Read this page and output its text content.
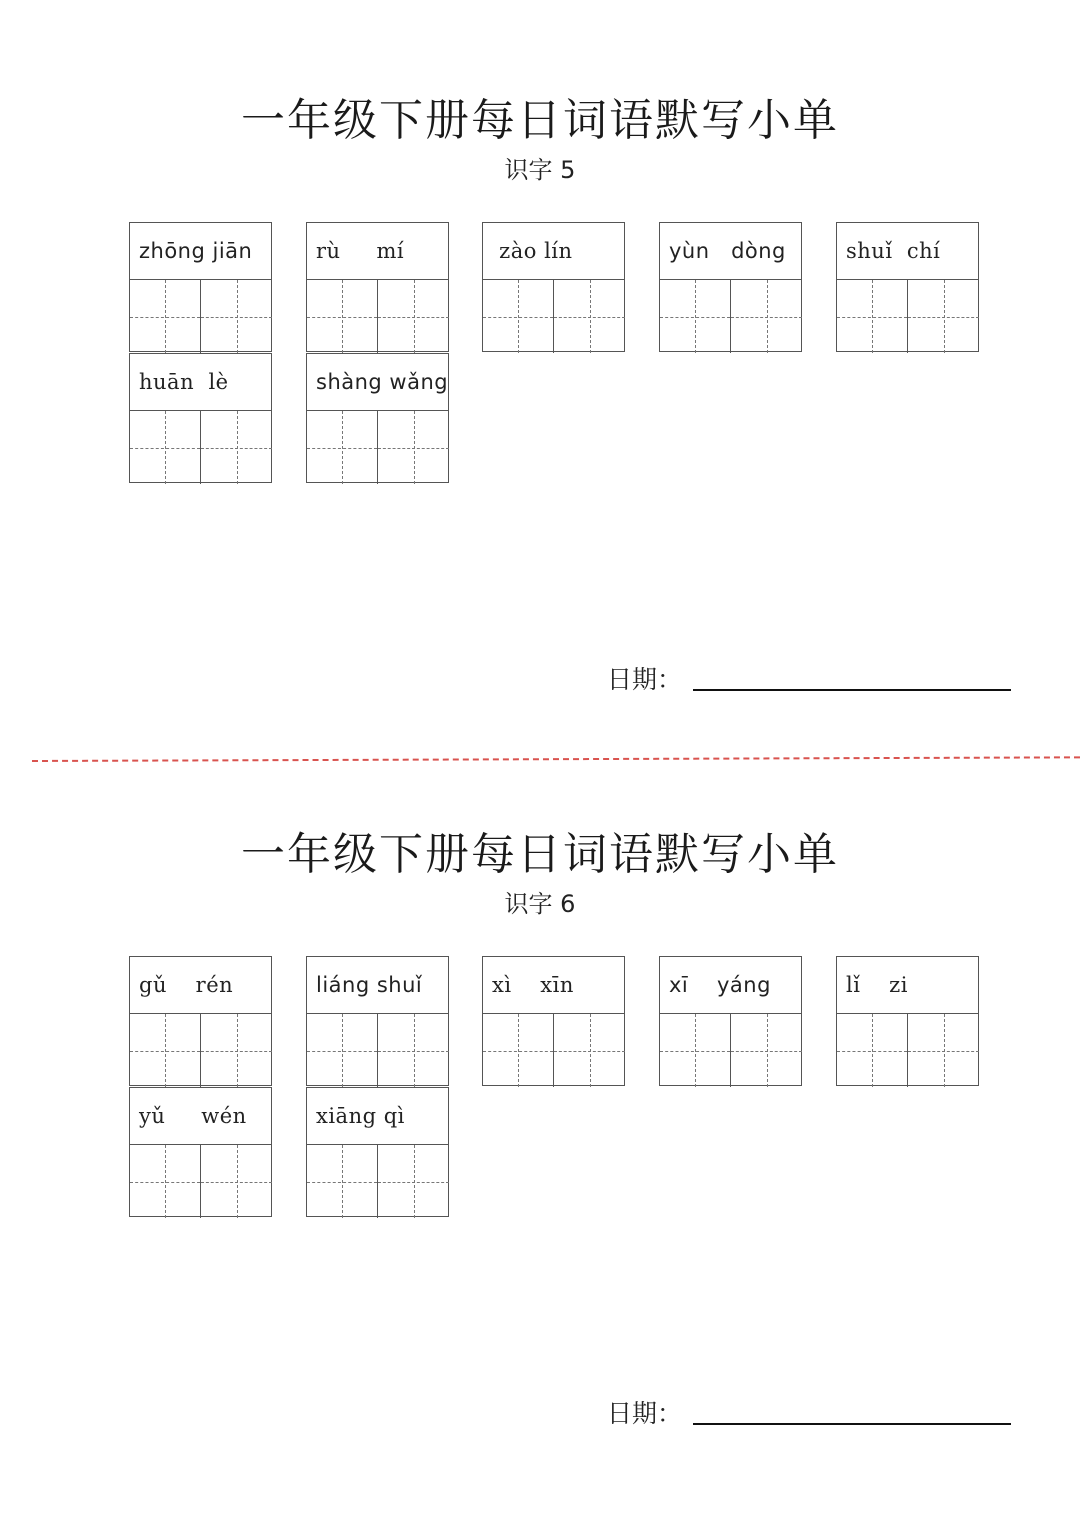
一年级下册每日词语默写小单
识字 5
zhōng jiān	rù     mí	zào lín	yùn   dòng	shuǐ  chí
huān  lè	shàng wǎng
日期：
一年级下册每日词语默写小单
识字 6
gǔ    rén	liáng shuǐ	xì    xīn	xī    yáng	lǐ    zi
yǔ     wén	xiāng qì
日期：
